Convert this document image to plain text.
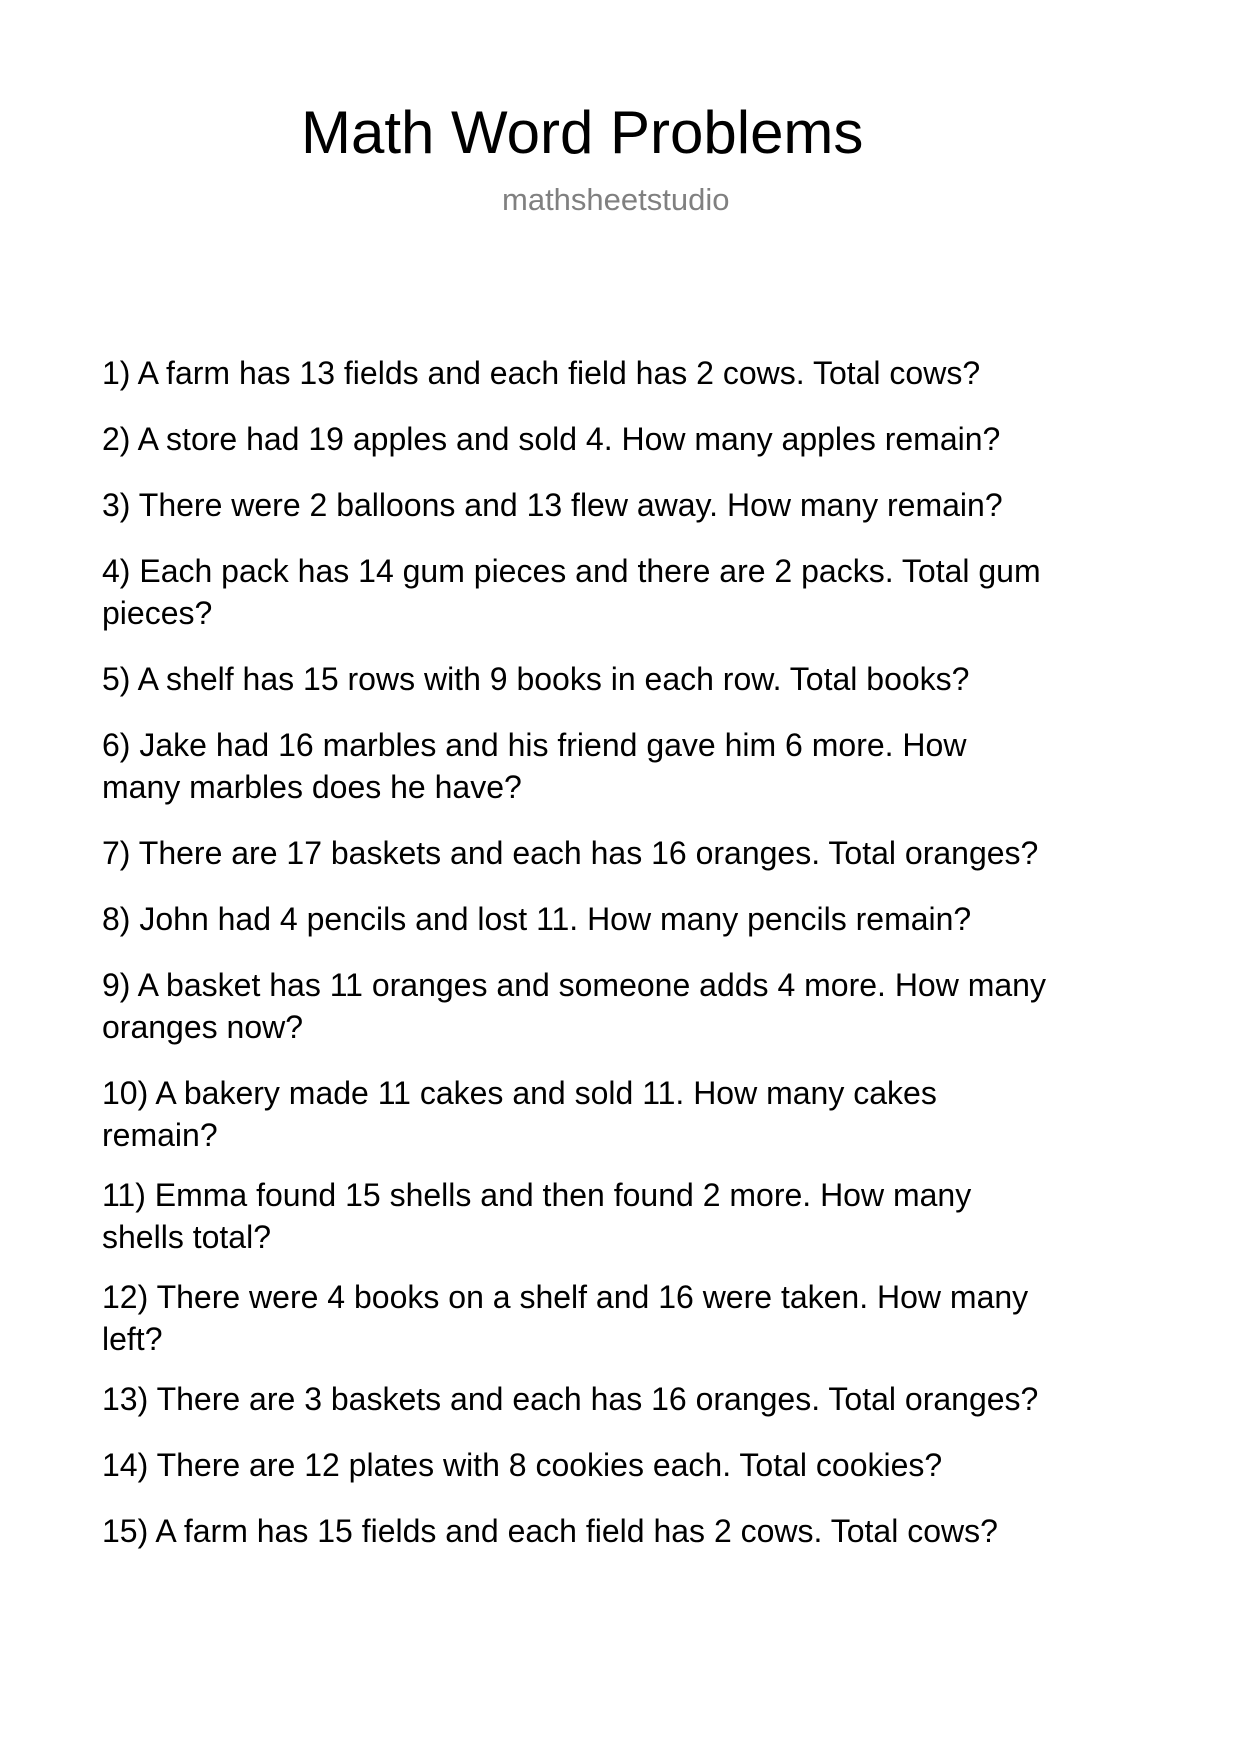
Math Word Problems
mathsheetstudio
1) A farm has 13 fields and each field has 2 cows. Total cows?
2) A store had 19 apples and sold 4. How many apples remain?
3) There were 2 balloons and 13 flew away. How many remain?
4) Each pack has 14 gum pieces and there are 2 packs. Total gum
pieces?
5) A shelf has 15 rows with 9 books in each row. Total books?
6) Jake had 16 marbles and his friend gave him 6 more. How
many marbles does he have?
7) There are 17 baskets and each has 16 oranges. Total oranges?
8) John had 4 pencils and lost 11. How many pencils remain?
9) A basket has 11 oranges and someone adds 4 more. How many
oranges now?
10) A bakery made 11 cakes and sold 11. How many cakes
remain?
11) Emma found 15 shells and then found 2 more. How many
shells total?
12) There were 4 books on a shelf and 16 were taken. How many
left?
13) There are 3 baskets and each has 16 oranges. Total oranges?
14) There are 12 plates with 8 cookies each. Total cookies?
15) A farm has 15 fields and each field has 2 cows. Total cows?
